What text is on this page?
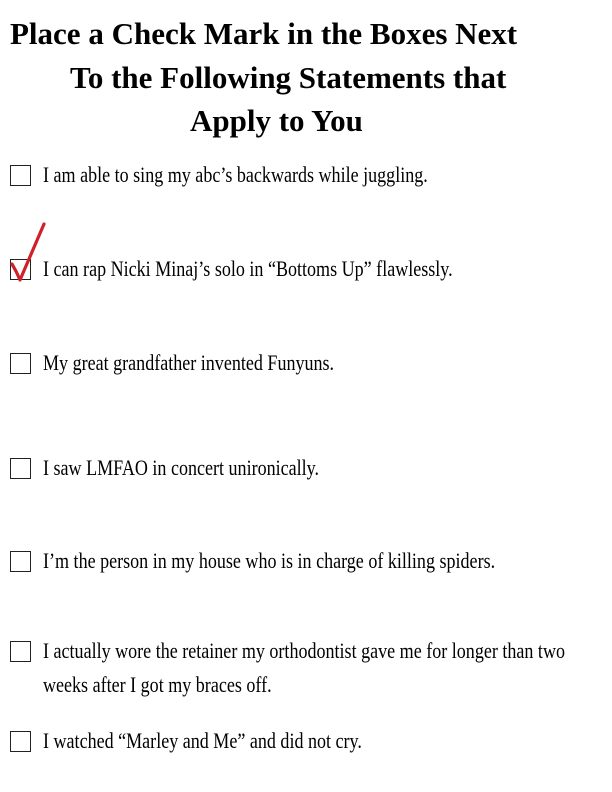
Place a Check Mark in the Boxes Next
To the Following Statements that
Apply to You
I am able to sing my abc’s backwards while juggling.
I can rap Nicki Minaj’s solo in “Bottoms Up” flawlessly.
My great grandfather invented Funyuns.
I saw LMFAO in concert unironically.
I’m the person in my house who is in charge of killing spiders.
I actually wore the retainer my orthodontist gave me for longer than two weeks after I got my braces off.
I watched “Marley and Me” and did not cry.
